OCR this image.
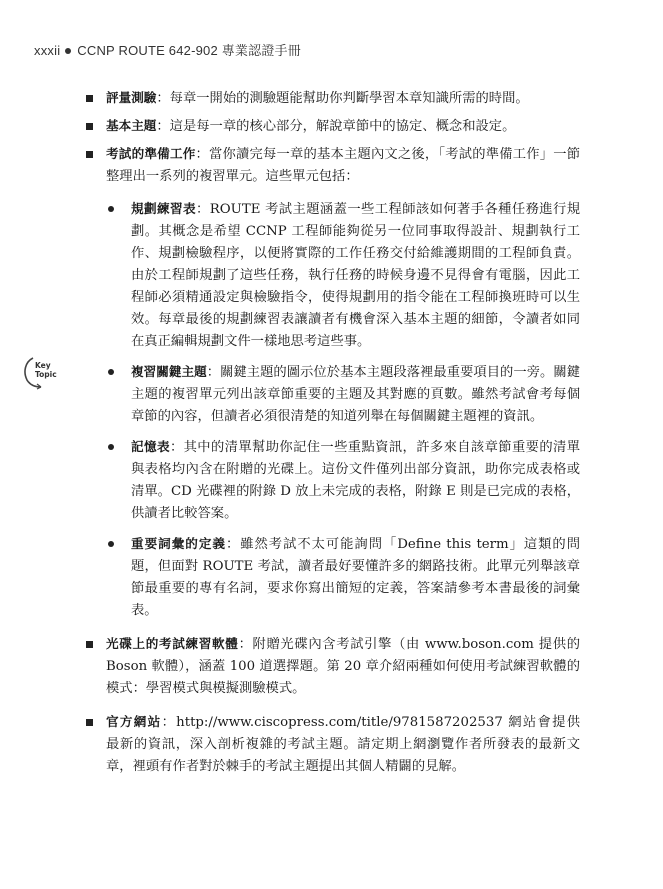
xxxii CCNP ROUTE 642-902 專業認證手冊
Key
Topic
評量測驗：每章一開始的測驗題能幫助你判斷學習本章知識所需的時間。
基本主題：這是每一章的核心部分，解說章節中的協定、概念和設定。
考試的準備工作：當你讀完每一章的基本主題內文之後，「考試的準備工作」一節整理出一系列的複習單元。這些單元包括：
規劃練習表：ROUTE 考試主題涵蓋一些工程師該如何著手各種任務進行規劃。其概念是希望 CCNP 工程師能夠從另一位同事取得設計、規劃執行工作、規劃檢驗程序，以便將實際的工作任務交付給維護期間的工程師負責。由於工程師規劃了這些任務，執行任務的時候身邊不見得會有電腦，因此工程師必須精通設定與檢驗指令，使得規劃用的指令能在工程師換班時可以生效。每章最後的規劃練習表讓讀者有機會深入基本主題的細節，令讀者如同在真正編輯規劃文件一樣地思考這些事。
複習關鍵主題：關鍵主題的圖示位於基本主題段落裡最重要項目的一旁。關鍵主題的複習單元列出該章節重要的主題及其對應的頁數。雖然考試會考每個章節的內容，但讀者必須很清楚的知道列舉在每個關鍵主題裡的資訊。
記憶表：其中的清單幫助你記住一些重點資訊，許多來自該章節重要的清單與表格均內含在附贈的光碟上。這份文件僅列出部分資訊，助你完成表格或清單。CD 光碟裡的附錄 D 放上未完成的表格，附錄 E 則是已完成的表格，供讀者比較答案。
重要詞彙的定義：雖然考試不太可能詢問「Define this term」這類的問題，但面對 ROUTE 考試，讀者最好要懂許多的網路技術。此單元列舉該章節最重要的專有名詞，要求你寫出簡短的定義，答案請參考本書最後的詞彙表。
光碟上的考試練習軟體：附贈光碟內含考試引擎（由 www.boson.com 提供的 Boson 軟體），涵蓋 100 道選擇題。第 20 章介紹兩種如何使用考試練習軟體的模式：學習模式與模擬測驗模式。
官方網站：http://www.ciscopress.com/title/9781587202537 網站會提供最新的資訊，深入剖析複雜的考試主題。請定期上網瀏覽作者所發表的最新文章，裡頭有作者對於棘手的考試主題提出其個人精闢的見解。
